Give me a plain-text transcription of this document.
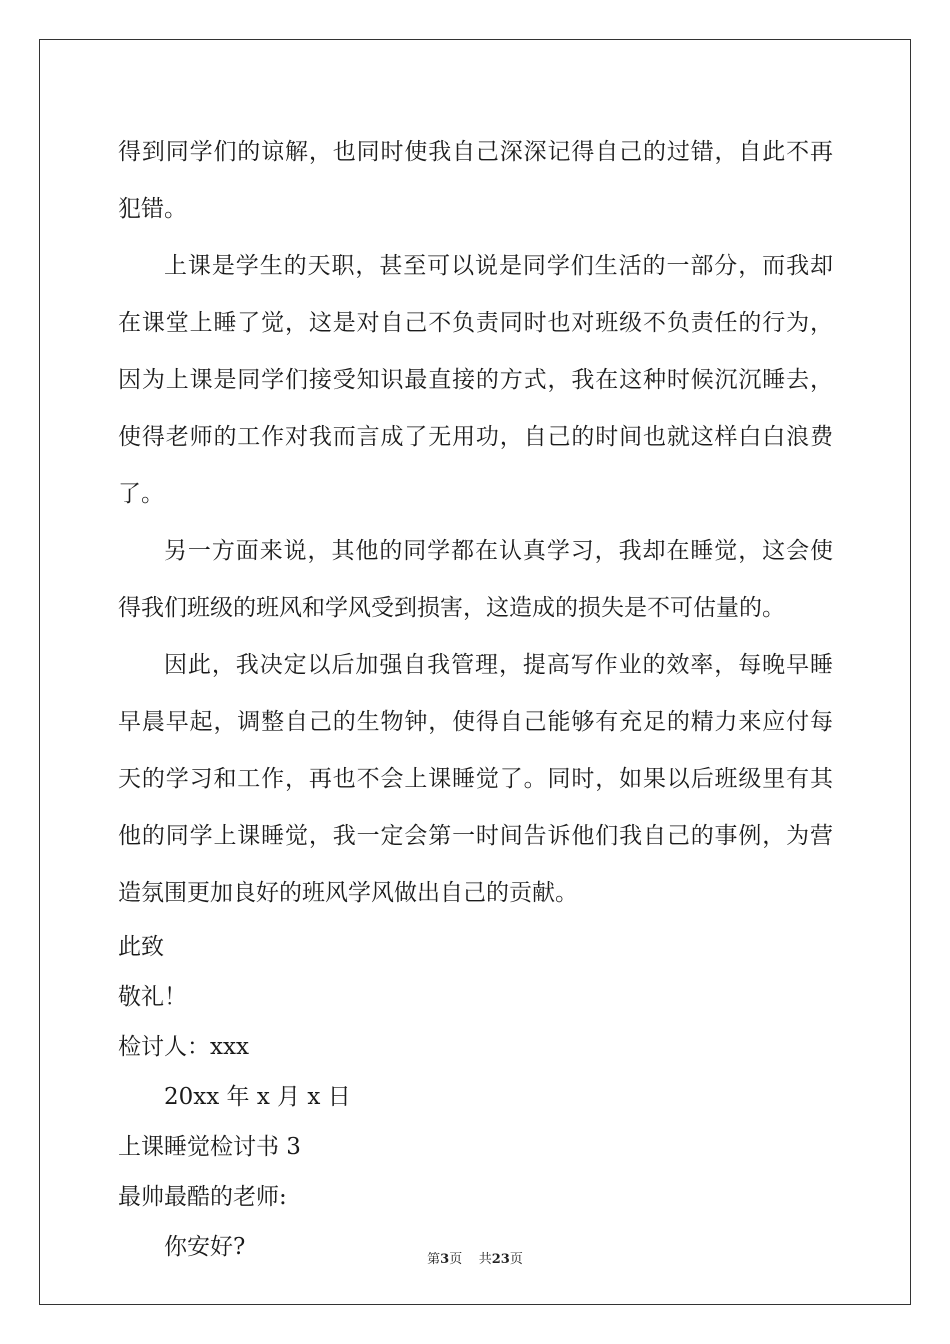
得到同学们的谅解，也同时使我自己深深记得自己的过错，自此不再
犯错。
上课是学生的天职，甚至可以说是同学们生活的一部分，而我却
在课堂上睡了觉，这是对自己不负责同时也对班级不负责任的行为，
因为上课是同学们接受知识最直接的方式，我在这种时候沉沉睡去，
使得老师的工作对我而言成了无用功，自己的时间也就这样白白浪费
了。
另一方面来说，其他的同学都在认真学习，我却在睡觉，这会使
得我们班级的班风和学风受到损害，这造成的损失是不可估量的。
因此，我决定以后加强自我管理，提高写作业的效率，每晚早睡
早晨早起，调整自己的生物钟，使得自己能够有充足的精力来应付每
天的学习和工作，再也不会上课睡觉了。同时，如果以后班级里有其
他的同学上课睡觉，我一定会第一时间告诉他们我自己的事例，为营
造氛围更加良好的班风学风做出自己的贡献。
此致
敬礼！
检讨人：xxx
20xx 年 x 月 x 日
上课睡觉检讨书 3
最帅最酷的老师:
你安好?	第3页 共23页
